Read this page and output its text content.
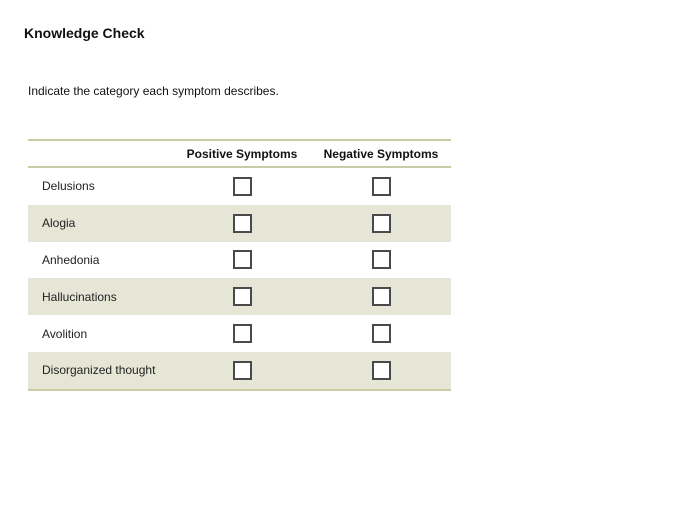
Knowledge Check
Indicate the category each symptom describes.
Positive Symptoms	Negative Symptoms
Delusions
Alogia
Anhedonia
Hallucinations
Avolition
Disorganized thought
